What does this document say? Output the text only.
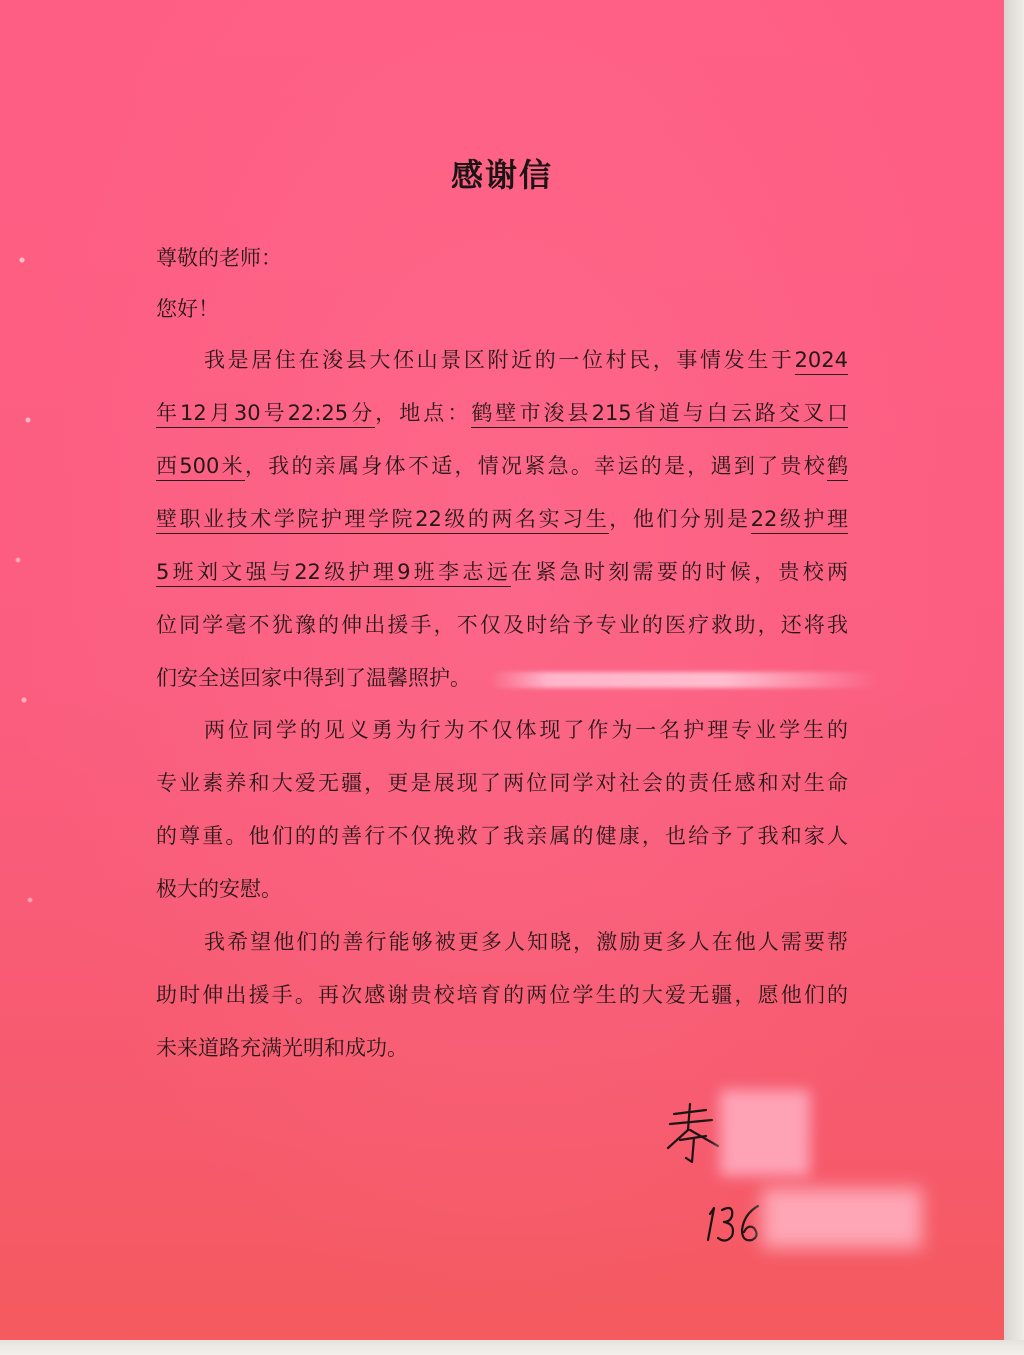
感谢信
尊敬的老师：
您好！
我是居住在浚县大伾山景区附近的一位村民，事情发生于2024
年12月30号22:25分，地点：鹤壁市浚县215省道与白云路交叉口
西500米，我的亲属身体不适，情况紧急。幸运的是，遇到了贵校鹤
壁职业技术学院护理学院22级的两名实习生，他们分别是22级护理
5班刘文强与22级护理9班李志远在紧急时刻需要的时候，贵校两
位同学毫不犹豫的伸出援手，不仅及时给予专业的医疗救助，还将我
们安全送回家中得到了温馨照护。
两位同学的见义勇为行为不仅体现了作为一名护理专业学生的
专业素养和大爱无疆，更是展现了两位同学对社会的责任感和对生命
的尊重。他们的的善行不仅挽救了我亲属的健康，也给予了我和家人
极大的安慰。
我希望他们的善行能够被更多人知晓，激励更多人在他人需要帮
助时伸出援手。再次感谢贵校培育的两位学生的大爱无疆，愿他们的
未来道路充满光明和成功。
